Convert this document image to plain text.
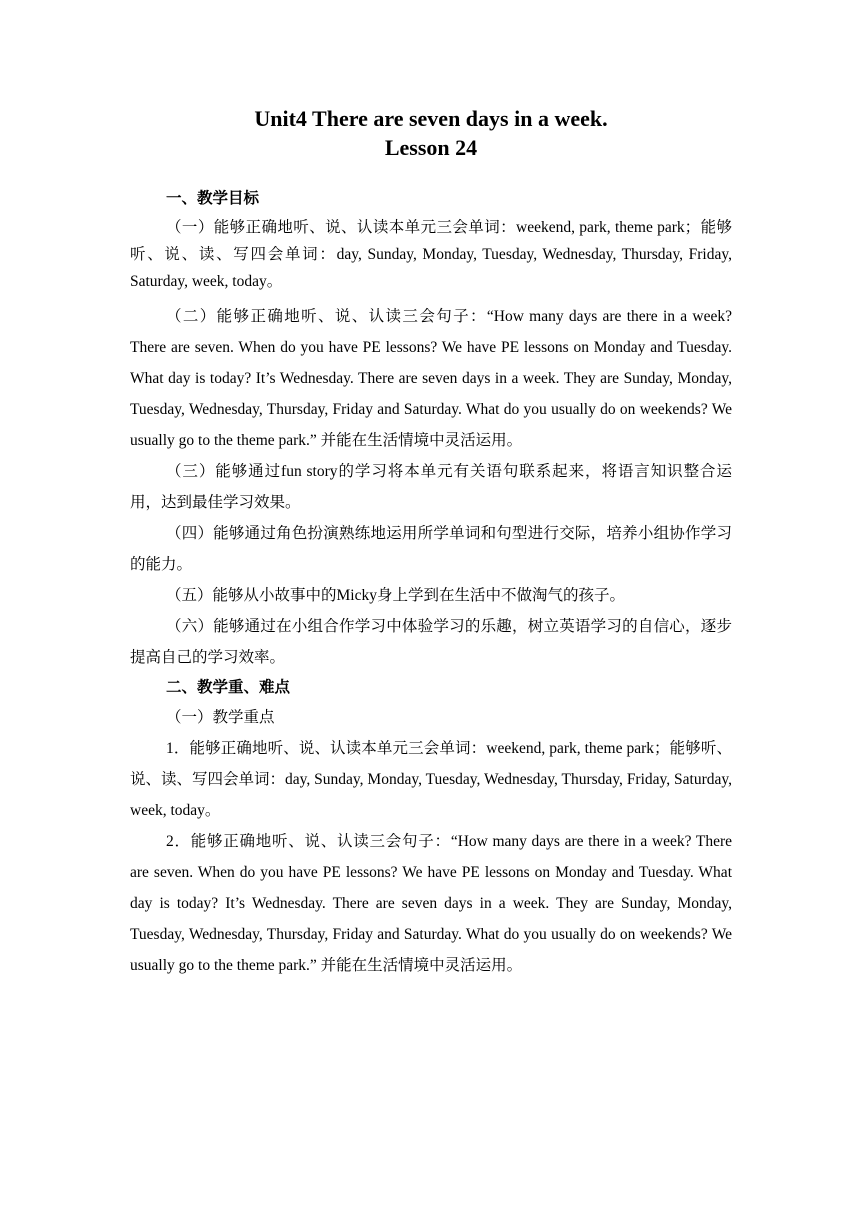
Unit4 There are seven days in a week.
Lesson 24
一、教学目标

（一）能够正确地听、说、认读本单元三会单词：weekend, park, theme park；能够听、说、读、写四会单词：day, Sunday, Monday, Tuesday, Wednesday, Thursday, Friday, Saturday, week, today。

（二）能够正确地听、说、认读三会句子：“How many days are there in a week? There are seven. When do you have PE lessons? We have PE lessons on Monday and Tuesday. What day is today? It’s Wednesday. There are seven days in a week. They are Sunday, Monday, Tuesday, Wednesday, Thursday, Friday and Saturday. What do you usually do on weekends? We usually go to the theme park.” 并能在生活情境中灵活运用。

（三）能够通过fun story的学习将本单元有关语句联系起来，将语言知识整合运用，达到最佳学习效果。

（四）能够通过角色扮演熟练地运用所学单词和句型进行交际，培养小组协作学习的能力。

（五）能够从小故事中的Micky身上学到在生活中不做淘气的孩子。

（六）能够通过在小组合作学习中体验学习的乐趣，树立英语学习的自信心，逐步提高自己的学习效率。

二、教学重、难点
（一）教学重点

1．能够正确地听、说、认读本单元三会单词：weekend, park, theme park；能够听、说、读、写四会单词：day, Sunday, Monday, Tuesday, Wednesday, Thursday, Friday, Saturday, week, today。

2．能够正确地听、说、认读三会句子：“How many days are there in a week? There are seven. When do you have PE lessons? We have PE lessons on Monday and Tuesday. What day is today? It’s Wednesday. There are seven days in a week. They are Sunday, Monday, Tuesday, Wednesday, Thursday, Friday and Saturday. What do you usually do on weekends? We usually go to the theme park.” 并能在生活情境中灵活运用。
